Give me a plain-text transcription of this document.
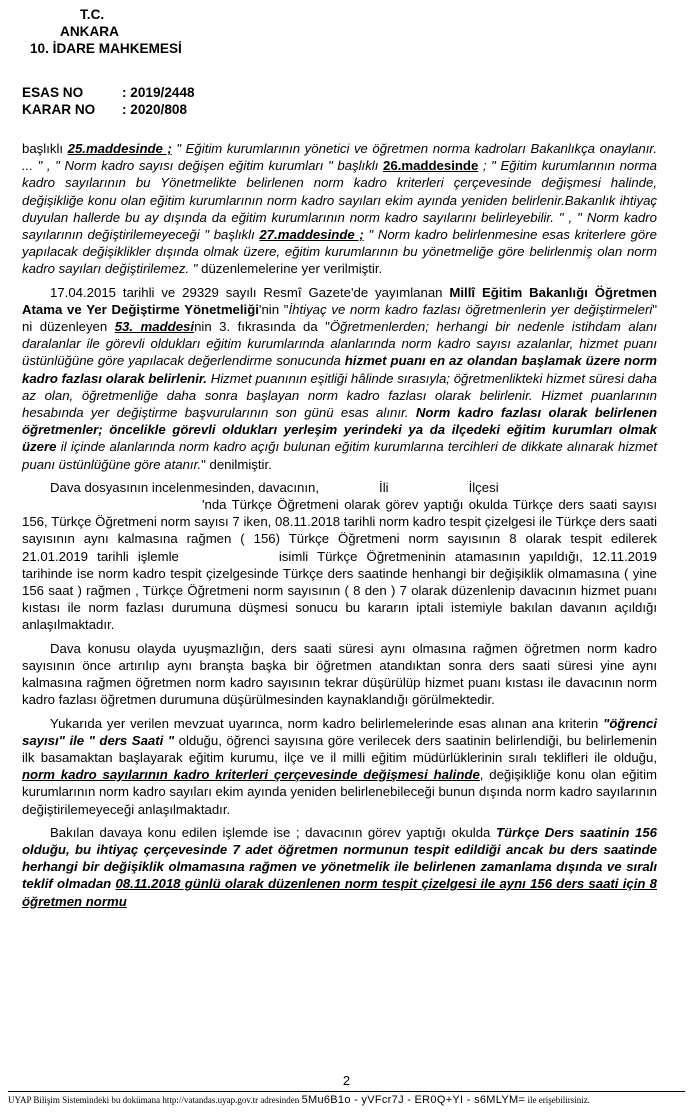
T.C.
ANKARA
10. İDARE MAHKEMESİ
ESAS NO	: 2019/2448
KARAR NO : 2020/808

başlıklı 25.maddesinde ; " Eğitim kurumlarının yönetici ve öğretmen norma kadroları Bakanlıkça onaylanır. ... " , " Norm kadro sayısı değişen eğitim kurumları " başlıklı 26.maddesinde ; " Eğitim kurumlarının norma kadro sayılarının bu Yönetmelikte belirlenen norm kadro kriterleri çerçevesinde değişmesi halinde, değişikliğe konu olan eğitim kurumlarının norm kadro sayıları ekim ayında yeniden belirlenir.Bakanlık ihtiyaç duyulan hallerde bu ay dışında da eğitim kurumlarının norm kadro sayılarını belirleyebilir. " , " Norm kadro sayılarının değiştirilemeyeceği " başlıklı 27.maddesinde ; " Norm kadro belirlenmesine esas kriterlere göre yapılacak değişiklikler dışında olmak üzere, eğitim kurumlarının bu yönetmeliğe göre belirlenmiş olan norm kadro sayıları değiştirilemez. " düzenlemelerine yer verilmiştir.

17.04.2015 tarihli ve 29329 sayılı Resmî Gazete'de yayımlanan Millî Eğitim Bakanlığı Öğretmen Atama ve Yer Değiştirme Yönetmeliği'nin "İhtiyaç ve norm kadro fazlası öğretmenlerin yer değiştirmeleri" ni düzenleyen 53. maddesinin 3. fıkrasında da "Öğretmenlerden; herhangi bir nedenle istihdam alanı daralanlar ile görevli oldukları eğitim kurumlarında alanlarında norm kadro sayısı azalanlar, hizmet puanı üstünlüğüne göre yapılacak değerlendirme sonucunda hizmet puanı en az olandan başlamak üzere norm kadro fazlası olarak belirlenir. Hizmet puanının eşitliği hâlinde sırasıyla; öğretmenlikteki hizmet süresi daha az olan, öğretmenliğe daha sonra başlayan norm kadro fazlası olarak belirlenir. Hizmet puanlarının hesabında yer değiştirme başvurularının son günü esas alınır. Norm kadro fazlası olarak belirlenen öğretmenler; öncelikle görevli oldukları yerleşim yerindeki ya da ilçedeki eğitim kurumları olmak üzere il içinde alanlarında norm kadro açığı bulunan eğitim kurumlarına tercihleri de dikkate alınarak hizmet puanı üstünlüğüne göre atanır." denilmiştir.

Dava dosyasının incelenmesinden, davacının,	İli	İlçesi
'nda Türkçe Öğretmeni olarak görev yaptığı okulda Türkçe ders saati sayısı 156, Türkçe Öğretmeni norm sayısı 7 iken, 08.11.2018 tarihli norm kadro tespit çizelgesi ile Türkçe ders saati sayısının aynı kalmasına rağmen ( 156) Türkçe Öğretmeni norm sayısının 8 olarak tespit edilerek 21.01.2019 tarihli işlemle	isimli Türkçe Öğretmeninin atamasının yapıldığı, 12.11.2019 tarihinde ise norm kadro tespit çizelgesinde Türkçe ders saatinde henhangi bir değişiklik olmamasına ( yine 156 saat ) rağmen , Türkçe Öğretmeni norm sayısının ( 8 den ) 7 olarak düzenlenip davacının hizmet puanı kıstası ile norm fazlası durumuna düşmesi sonucu bu kararın iptali istemiyle bakılan davanın açıldığı anlaşılmaktadır.

Dava konusu olayda uyuşmazlığın, ders saati süresi aynı olmasına rağmen öğretmen norm kadro sayısının önce artırılıp aynı branşta başka bir öğretmen atandıktan sonra ders saati süresi yine aynı kalmasına rağmen öğretmen norm kadro sayısının tekrar düşürülüp hizmet puanı kıstası ile davacının norm kadro fazlası öğretmen durumuna düşürülmesinden kaynaklandığı görülmektedir.

Yukarıda yer verilen mevzuat uyarınca, norm kadro belirlemelerinde esas alınan ana kriterin "öğrenci sayısı" ile " ders Saati " olduğu, öğrenci sayısına göre verilecek ders saatinin belirlendiği, bu belirlemenin ilk basamaktan başlayarak eğitim kurumu, ilçe ve il milli eğitim müdürlüklerinin sıralı teklifleri ile olduğu, norm kadro sayılarının kadro kriterleri çerçevesinde değişmesi halinde, değişikliğe konu olan eğitim kurumlarının norm kadro sayıları ekim ayında yeniden belirlenebileceği bunun dışında norm kadro sayılarının değiştirilemeyeceği anlaşılmaktadır.

Bakılan davaya konu edilen işlemde ise ; davacının görev yaptığı okulda Türkçe Ders saatinin 156 olduğu, bu ihtiyaç çerçevesinde 7 adet öğretmen normunun tespit edildiği ancak bu ders saatinde herhangi bir değişiklik olmamasına rağmen ve yönetmelik ile belirlenen zamanlama dışında ve sıralı teklif olmadan 08.11.2018 günlü olarak düzenlenen norm tespit çizelgesi ile aynı 156 ders saati için 8 öğretmen normu

2
UYAP Bilişim Sistemindeki bu dokümana http://vatandas.uyap.gov.tr adresinden 5Mu6B1o - yVFcr7J - ER0Q+YI - s6MLYM= ile erişebilirsiniz.
